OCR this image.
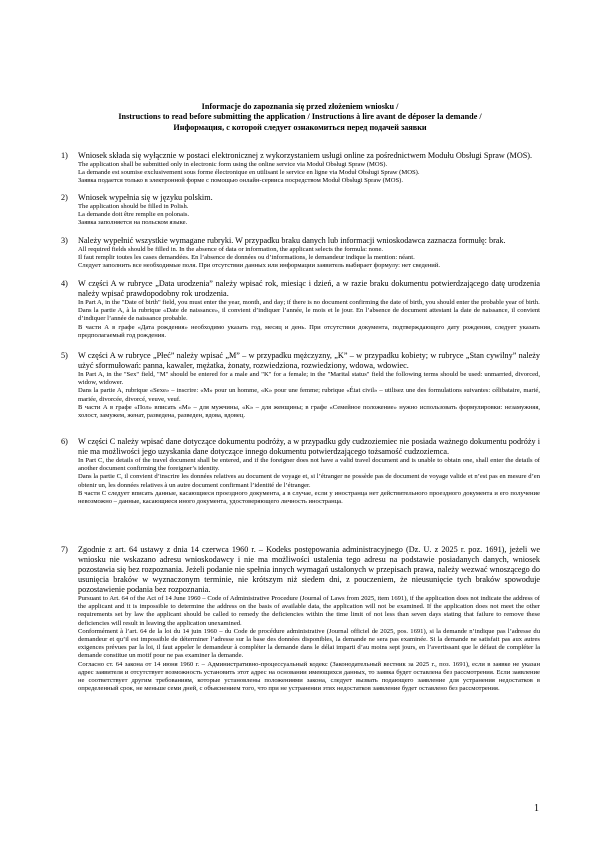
Informacje do zapoznania się przed złożeniem wniosku /
Instructions to read before submitting the application / Instructions à lire avant de déposer la demande /
Информация, с которой следует ознакомиться перед подачей заявки
1)	Wniosek składa się wyłącznie w postaci elektronicznej z wykorzystaniem usługi online za pośrednictwem Modułu Obsługi Spraw (MOS).

The application shall be submitted only in electronic form using the online service via Moduł Obsługi Spraw (MOS).

La demande est soumise exclusivement sous forme électronique en utilisant le service en ligne via Moduł Obsługi Spraw (MOS).

Заявка подается только в электронной форме с помощью онлайн-сервиса посредством Moduł Obsługi Spraw (MOS).

2)	Wniosek wypełnia się w języku polskim.

The application should be filled in Polish.

La demande doit être remplie en polonais.

Заявка заполняется на польском языке.

3)	Należy wypełnić wszystkie wymagane rubryki. W przypadku braku danych lub informacji wnioskodawca zaznacza formułę: brak.

All required fields should be filled in. In the absence of data or information, the applicant selects the formula: none.

Il faut remplir toutes les cases demandées. En l’absence de données ou d’informations, le demandeur indique la mention: néant.

Следует заполнить все необходимые поля. При отсутствии данных или информации заявитель выбирает формулу: нет сведений.

4)	W części A w rubryce „Data urodzenia” należy wpisać rok, miesiąc i dzień, a w razie braku dokumentu potwierdzającego datę urodzenia należy wpisać prawdopodobny rok urodzenia.

In Part A, in the "Date of birth" field, you must enter the year, month, and day; if there is no document confirming the date of birth, you should enter the probable year of birth.

Dans la partie A, à la rubrique «Date de naissance», il convient d’indiquer l’année, le mois et le jour. En l’absence de document attestant la date de naissance, il convient d’indiquer l’année de naissance probable.

В части А в графе «Дата рождения» необходимо указать год, месяц и день. При отсутствии документа, подтверждающего дату рождения, следует указать предполагаемый год рождения.

5)	W części A w rubryce „Płeć” należy wpisać „M” – w przypadku mężczyzny, „K” – w przypadku kobiety; w rubryce „Stan cywilny” należy użyć sformułowań: panna, kawaler, mężatka, żonaty, rozwiedziona, rozwiedziony, wdowa, wdowiec.

In Part A, in the "Sex" field, "M" should be entered for a male and "K" for a female; in the "Marital status" field the following terms should be used: unmarried, divorced, widow, widower.

Dans la partie A, rubrique «Sexe» – inscrire: «M» pour un homme, «K» pour une femme; rubrique «État civil» – utilisez une des formulations suivantes: célibataire, marié, mariée, divorcée, divorcé, veuve, veuf.

В части А в графе «Пол» вписать «M» – для мужчины, «K» – для женщины; в графе «Семейное положение» нужно использовать формулировки: незамужняя, холост, замужем, женат, разведена, разведен, вдова, вдовец.

6)	W części C należy wpisać dane dotyczące dokumentu podróży, a w przypadku gdy cudzoziemiec nie posiada ważnego dokumentu podróży i nie ma możliwości jego uzyskania dane dotyczące innego dokumentu potwierdzającego tożsamość cudzoziemca.

In Part C, the details of the travel document shall be entered, and if the foreigner does not have a valid travel document and is unable to obtain one, shall enter the details of another document confirming the foreigner’s identity.

Dans la partie C, il convient d’inscrire les données relatives au document de voyage et, si l’étranger ne possède pas de document de voyage valide et n’est pas en mesure d’en obtenir un, les données relatives à un autre document confirmant l’identité de l’étranger.

В части С следует вписать данные, касающиеся проездного документа, а в случае, если у иностранца нет действительного проездного документа и его получение невозможно – данные, касающиеся иного документа, удостоверяющего личность иностранца.

7)	Zgodnie z art. 64 ustawy z dnia 14 czerwca 1960 r. – Kodeks postępowania administracyjnego (Dz. U. z 2025 r. poz. 1691), jeżeli we wniosku nie wskazano adresu wnioskodawcy i nie ma możliwości ustalenia tego adresu na podstawie posiadanych danych, wniosek pozostawia się bez rozpoznania. Jeżeli podanie nie spełnia innych wymagań ustalonych w przepisach prawa, należy wezwać wnoszącego do usunięcia braków w wyznaczonym terminie, nie krótszym niż siedem dni, z pouczeniem, że nieusunięcie tych braków spowoduje pozostawienie podania bez rozpoznania.

Pursuant to Art. 64 of the Act of 14 June 1960 – Code of Administrative Procedure (Journal of Laws from 2025, item 1691), if the application does not indicate the address of the applicant and it is impossible to determine the address on the basis of available data, the application will not be examined. If the application does not meet the other requirements set by law the applicant should be called to remedy the deficiencies within the time limit of not less than seven days stating that failure to remove these deficiencies will result in leaving the application unexamined.

Conformément à l’art. 64 de la loi du 14 juin 1960 – du Code de procédure administrative (Journal officiel de 2025, pos. 1691), si la demande n’indique pas l’adresse du demandeur et qu’il est impossible de déterminer l’adresse sur la base des données disponibles, la demande ne sera pas examinée. Si la demande ne satisfait pas aux autres exigences prévues par la loi, il faut appeler le demandeur à compléter la demande dans le délai imparti d’au moins sept jours, en l’avertissant que le défaut de compléter la demande constitue un motif pour ne pas examiner la demande.

Согласно ст. 64 закона от 14 июня 1960 г. – Административно-процессуальный кодекс (Законодательный вестник за 2025 г., поз. 1691), если в заявке не указан адрес заявителя и отсутствует возможность установить этот адрес на основании имеющихся данных, то заявка будет оставлена без рассмотрения. Если заявление не соответствует другим требованиям, которые установлены положениями закона, следует вызвать подающего заявление для устранения недостатков в определенный срок, не меньше семи дней, с объяснением того, что при не устранении этих недостатков заявление будет оставлено без рассмотрения.

1
